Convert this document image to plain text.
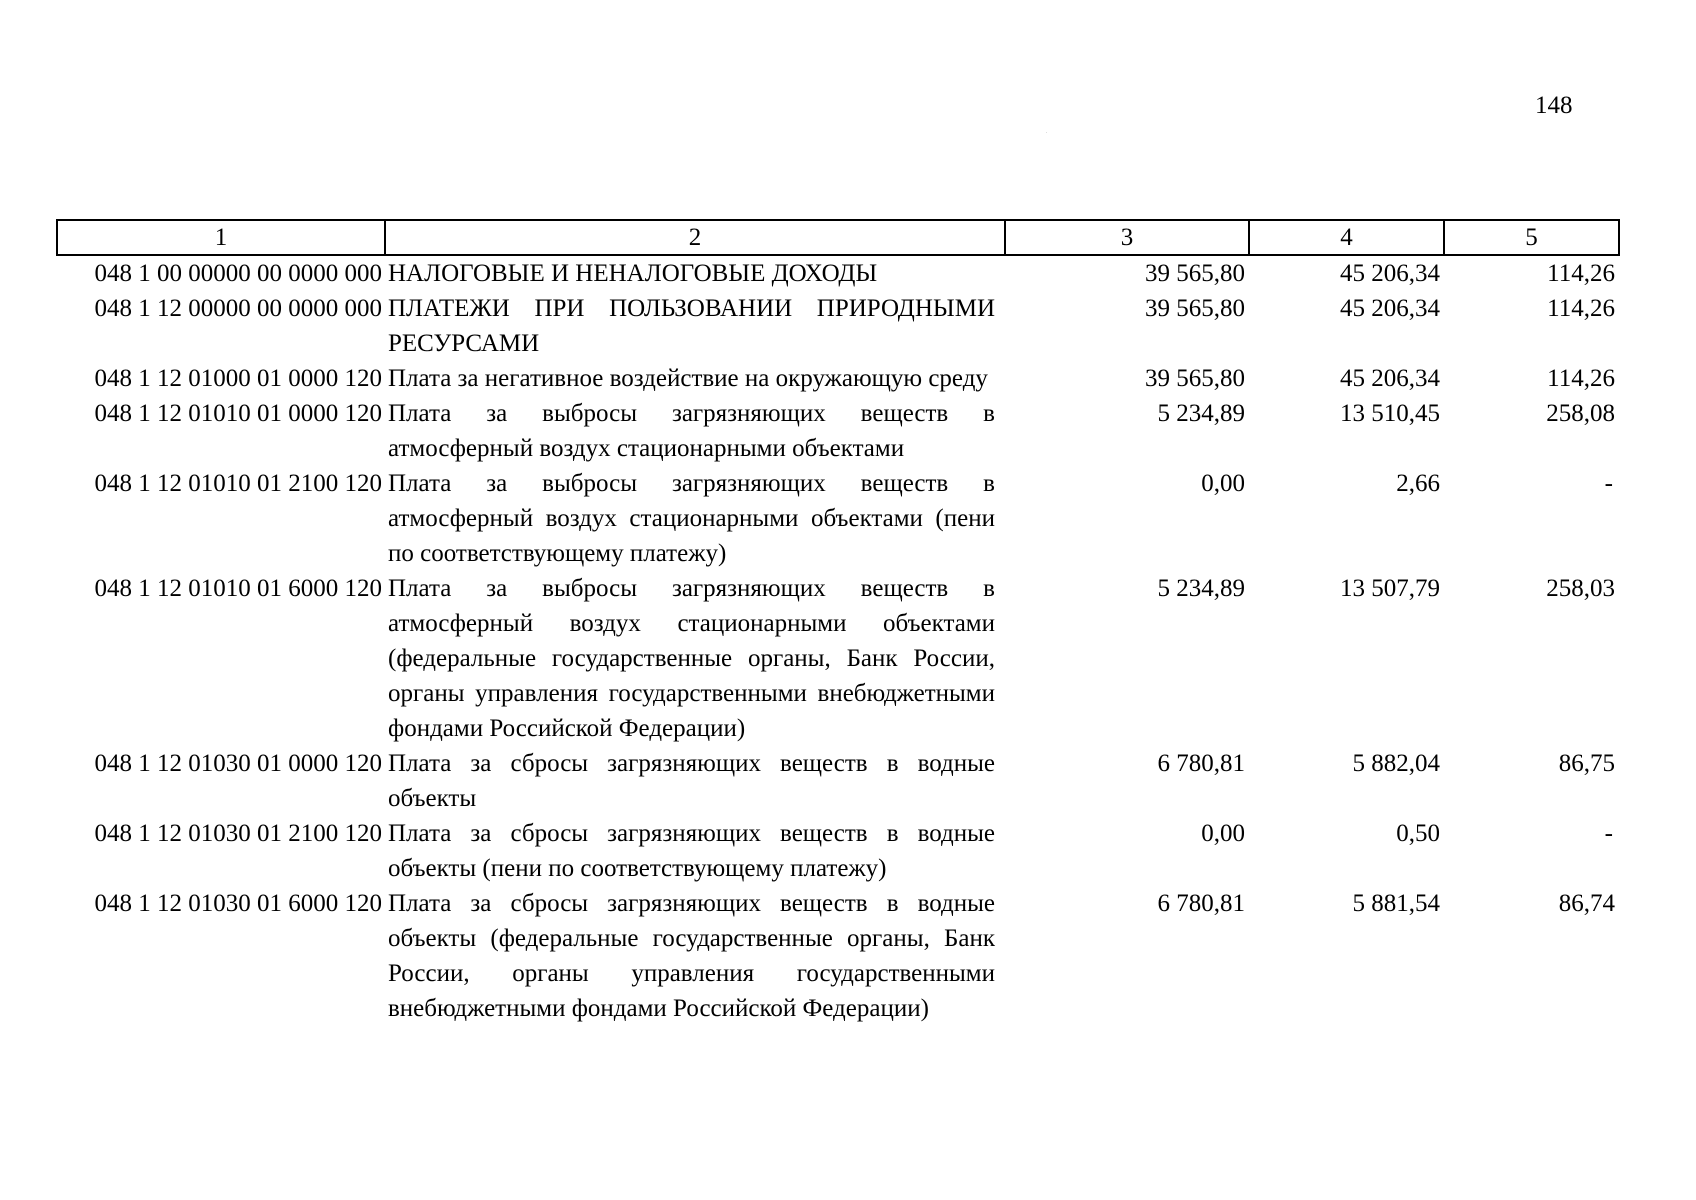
148
1	2	3	4	5
048 1 00 00000 00 0000 000	НАЛОГОВЫЕ И НЕНАЛОГОВЫЕ ДОХОДЫ	39 565,80	45 206,34	114,26
048 1 12 00000 00 0000 000	ПЛАТЕЖИ ПРИ ПОЛЬЗОВАНИИ ПРИРОДНЫМИ РЕСУРСАМИ	39 565,80	45 206,34	114,26
048 1 12 01000 01 0000 120	Плата за негативное воздействие на окружающую среду	39 565,80	45 206,34	114,26
048 1 12 01010 01 0000 120	Плата за выбросы загрязняющих веществ в атмосферный воздух стационарными объектами	5 234,89	13 510,45	258,08
048 1 12 01010 01 2100 120	Плата за выбросы загрязняющих веществ в атмосферный воздух стационарными объектами (пени по соответствующему платежу)	0,00	2,66	-
048 1 12 01010 01 6000 120	Плата за выбросы загрязняющих веществ в атмосферный воздух стационарными объектами (федеральные государственные органы, Банк России, органы управления государственными внебюджетными фондами Российской Федерации)	5 234,89	13 507,79	258,03
048 1 12 01030 01 0000 120	Плата за сбросы загрязняющих веществ в водные объекты	6 780,81	5 882,04	86,75
048 1 12 01030 01 2100 120	Плата за сбросы загрязняющих веществ в водные объекты (пени по соответствующему платежу)	0,00	0,50	-
048 1 12 01030 01 6000 120	Плата за сбросы загрязняющих веществ в водные объекты (федеральные государственные органы, Банк России, органы управления государственными внебюджетными фондами Российской Федерации)	6 780,81	5 881,54	86,74
